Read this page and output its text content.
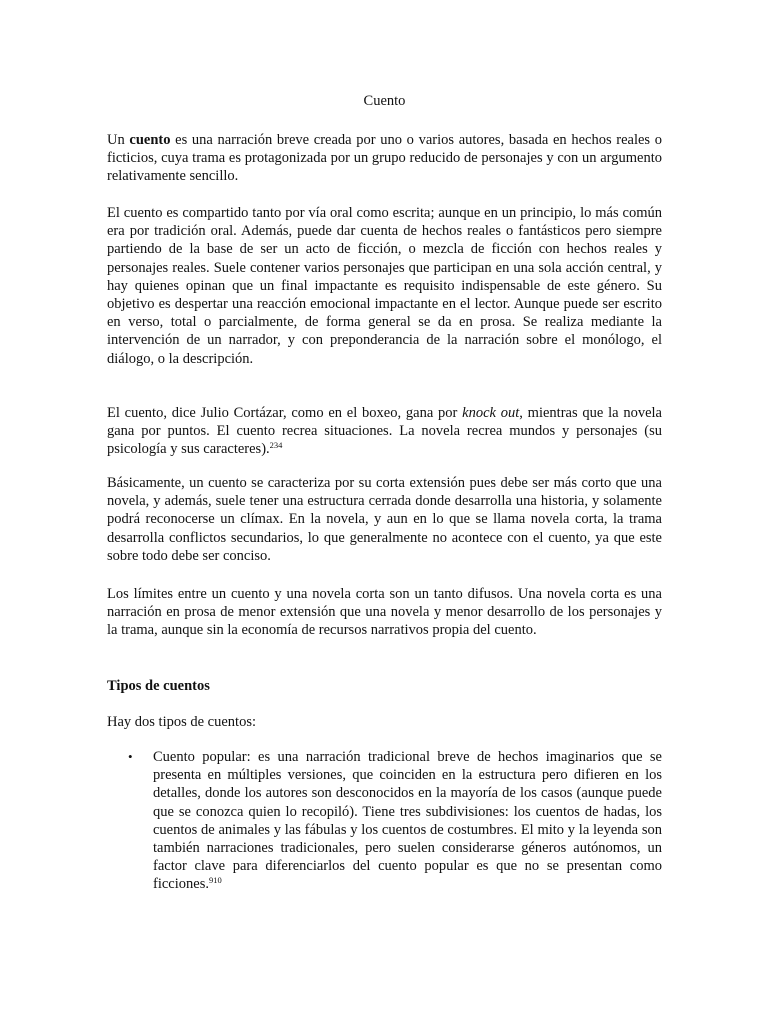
Cuento

Un cuento es una narración breve creada por uno o varios autores, basada en hechos reales o ficticios, cuya trama es protagonizada por un grupo reducido de personajes y con un argumento relativamente sencillo.

El cuento es compartido tanto por vía oral como escrita; aunque en un principio, lo más común era por tradición oral. Además, puede dar cuenta de hechos reales o fantásticos pero siempre partiendo de la base de ser un acto de ficción, o mezcla de ficción con hechos reales y personajes reales. Suele contener varios personajes que participan en una sola acción central, y hay quienes opinan que un final impactante es requisito indispensable de este género. Su objetivo es despertar una reacción emocional impactante en el lector. Aunque puede ser escrito en verso, total o parcialmente, de forma general se da en prosa. Se realiza mediante la intervención de un narrador, y con preponderancia de la narración sobre el monólogo, el diálogo, o la descripción.

El cuento, dice Julio Cortázar, como en el boxeo, gana por knock out, mientras que la novela gana por puntos. El cuento recrea situaciones. La novela recrea mundos y personajes (su psicología y sus caracteres).$^{234}$

Básicamente, un cuento se caracteriza por su corta extensión pues debe ser más corto que una novela, y además, suele tener una estructura cerrada donde desarrolla una historia, y solamente podrá reconocerse un clímax. En la novela, y aun en lo que se llama novela corta, la trama desarrolla conflictos secundarios, lo que generalmente no acontece con el cuento, ya que este sobre todo debe ser conciso.

Los límites entre un cuento y una novela corta son un tanto difusos. Una novela corta es una narración en prosa de menor extensión que una novela y menor desarrollo de los personajes y la trama, aunque sin la economía de recursos narrativos propia del cuento.

Tipos de cuentos

Hay dos tipos de cuentos:

• Cuento popular: es una narración tradicional breve de hechos imaginarios que se presenta en múltiples versiones, que coinciden en la estructura pero difieren en los detalles, donde los autores son desconocidos en la mayoría de los casos (aunque puede que se conozca quien lo recopiló). Tiene tres subdivisiones: los cuentos de hadas, los cuentos de animales y las fábulas y los cuentos de costumbres. El mito y la leyenda son también narraciones tradicionales, pero suelen considerarse géneros autónomos, un factor clave para diferenciarlos del cuento popular es que no se presentan como ficciones.$^{910}$
